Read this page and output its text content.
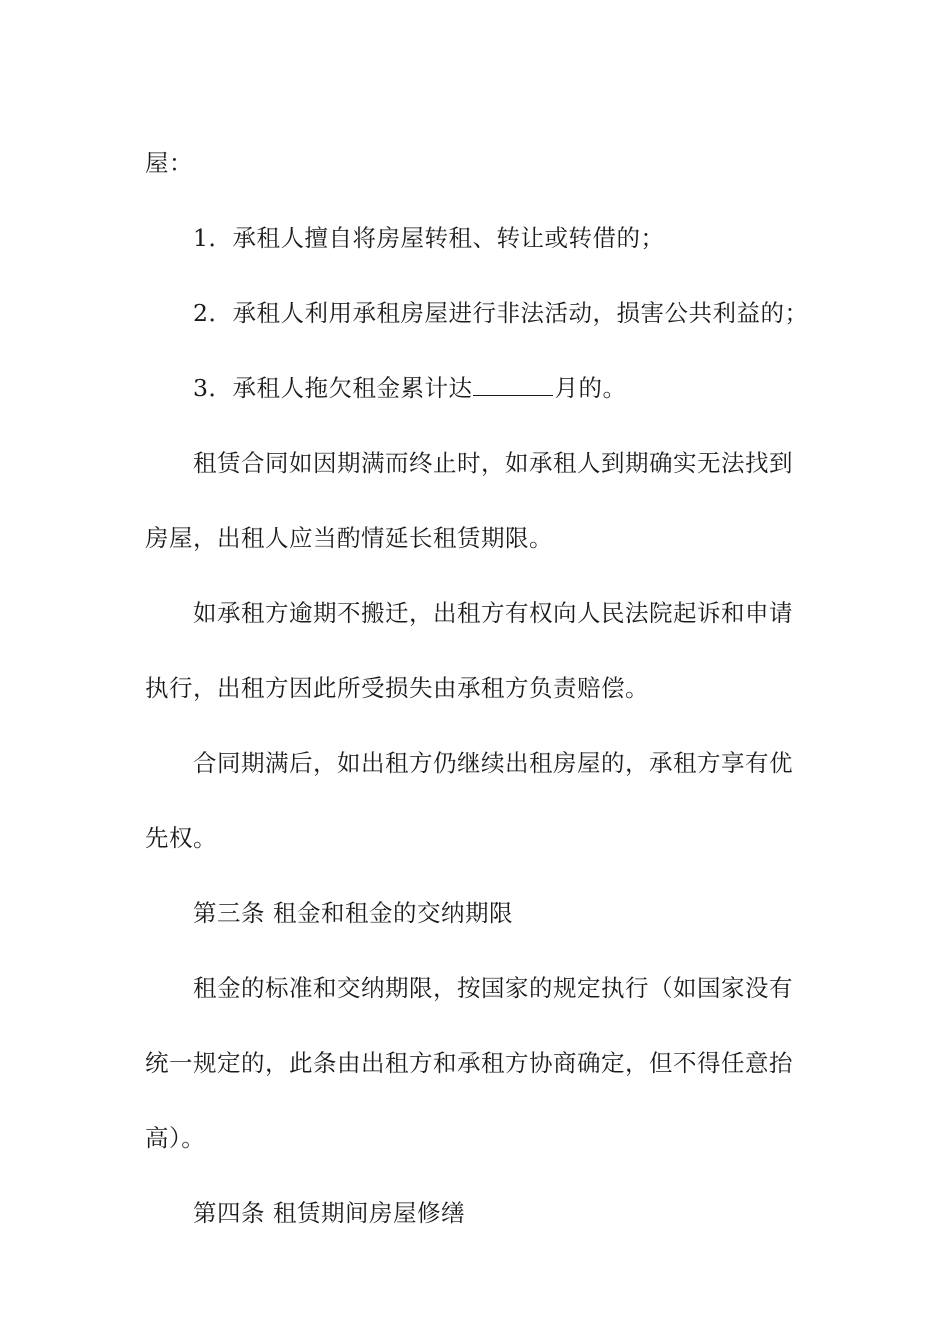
屋：
1．承租人擅自将房屋转租、转让或转借的；
2．承租人利用承租房屋进行非法活动，损害公共利益的；
3．承租人拖欠租金累计达	月的。
租赁合同如因期满而终止时，如承租人到期确实无法找到
房屋，出租人应当酌情延长租赁期限。
如承租方逾期不搬迁，出租方有权向人民法院起诉和申请
执行，出租方因此所受损失由承租方负责赔偿。
合同期满后，如出租方仍继续出租房屋的，承租方享有优
先权。
第三条 租金和租金的交纳期限
租金的标准和交纳期限，按国家的规定执行（如国家没有
统一规定的，此条由出租方和承租方协商确定，但不得任意抬
高）。
第四条 租赁期间房屋修缮
